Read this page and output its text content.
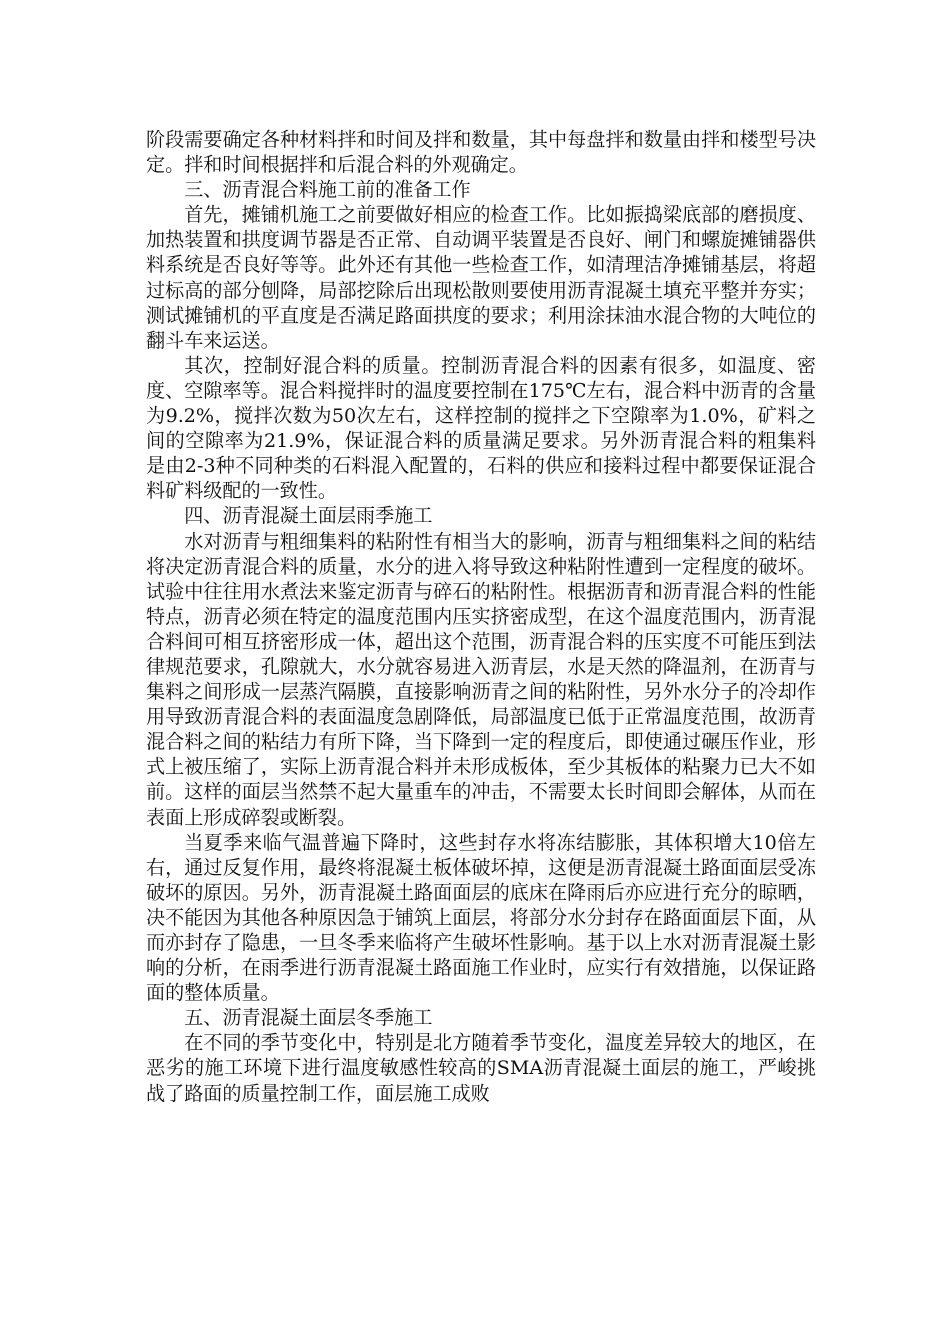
阶段需要确定各种材料拌和时间及拌和数量，其中每盘拌和数量由拌和楼型号决定。拌和时间根据拌和后混合料的外观确定。

三、沥青混合料施工前的准备工作

首先，摊铺机施工之前要做好相应的检查工作。比如振捣梁底部的磨损度、加热装置和拱度调节器是否正常、自动调平装置是否良好、闸门和螺旋摊铺器供料系统是否良好等等。此外还有其他一些检查工作，如清理洁净摊铺基层，将超过标高的部分刨降，局部挖除后出现松散则要使用沥青混凝土填充平整并夯实；测试摊铺机的平直度是否满足路面拱度的要求；利用涂抹油水混合物的大吨位的翻斗车来运送。

其次，控制好混合料的质量。控制沥青混合料的因素有很多，如温度、密度、空隙率等。混合料搅拌时的温度要控制在175℃左右，混合料中沥青的含量为9.2%，搅拌次数为50次左右，这样控制的搅拌之下空隙率为1.0%，矿料之间的空隙率为21.9%，保证混合料的质量满足要求。另外沥青混合料的粗集料是由2-3种不同种类的石料混入配置的，石料的供应和接料过程中都要保证混合料矿料级配的一致性。

四、沥青混凝土面层雨季施工

水对沥青与粗细集料的粘附性有相当大的影响，沥青与粗细集料之间的粘结将决定沥青混合料的质量，水分的进入将导致这种粘附性遭到一定程度的破坏。试验中往往用水煮法来鉴定沥青与碎石的粘附性。根据沥青和沥青混合料的性能特点，沥青必须在特定的温度范围内压实挤密成型，在这个温度范围内，沥青混合料间可相互挤密形成一体，超出这个范围，沥青混合料的压实度不可能压到法律规范要求，孔隙就大，水分就容易进入沥青层，水是天然的降温剂，在沥青与集料之间形成一层蒸汽隔膜，直接影响沥青之间的粘附性，另外水分子的冷却作用导致沥青混合料的表面温度急剧降低，局部温度已低于正常温度范围，故沥青混合料之间的粘结力有所下降，当下降到一定的程度后，即使通过碾压作业，形式上被压缩了，实际上沥青混合料并未形成板体，至少其板体的粘聚力已大不如前。这样的面层当然禁不起大量重车的冲击，不需要太长时间即会解体，从而在表面上形成碎裂或断裂。

当夏季来临气温普遍下降时，这些封存水将冻结膨胀，其体积增大10倍左右，通过反复作用，最终将混凝土板体破坏掉，这便是沥青混凝土路面面层受冻破坏的原因。另外，沥青混凝土路面面层的底床在降雨后亦应进行充分的晾晒，决不能因为其他各种原因急于铺筑上面层，将部分水分封存在路面面层下面，从而亦封存了隐患，一旦冬季来临将产生破坏性影响。基于以上水对沥青混凝土影响的分析，在雨季进行沥青混凝土路面施工作业时，应实行有效措施，以保证路面的整体质量。

五、沥青混凝土面层冬季施工

在不同的季节变化中，特别是北方随着季节变化，温度差异较大的地区，在恶劣的施工环境下进行温度敏感性较高的SMA沥青混凝土面层的施工，严峻挑战了路面的质量控制工作，面层施工成败
